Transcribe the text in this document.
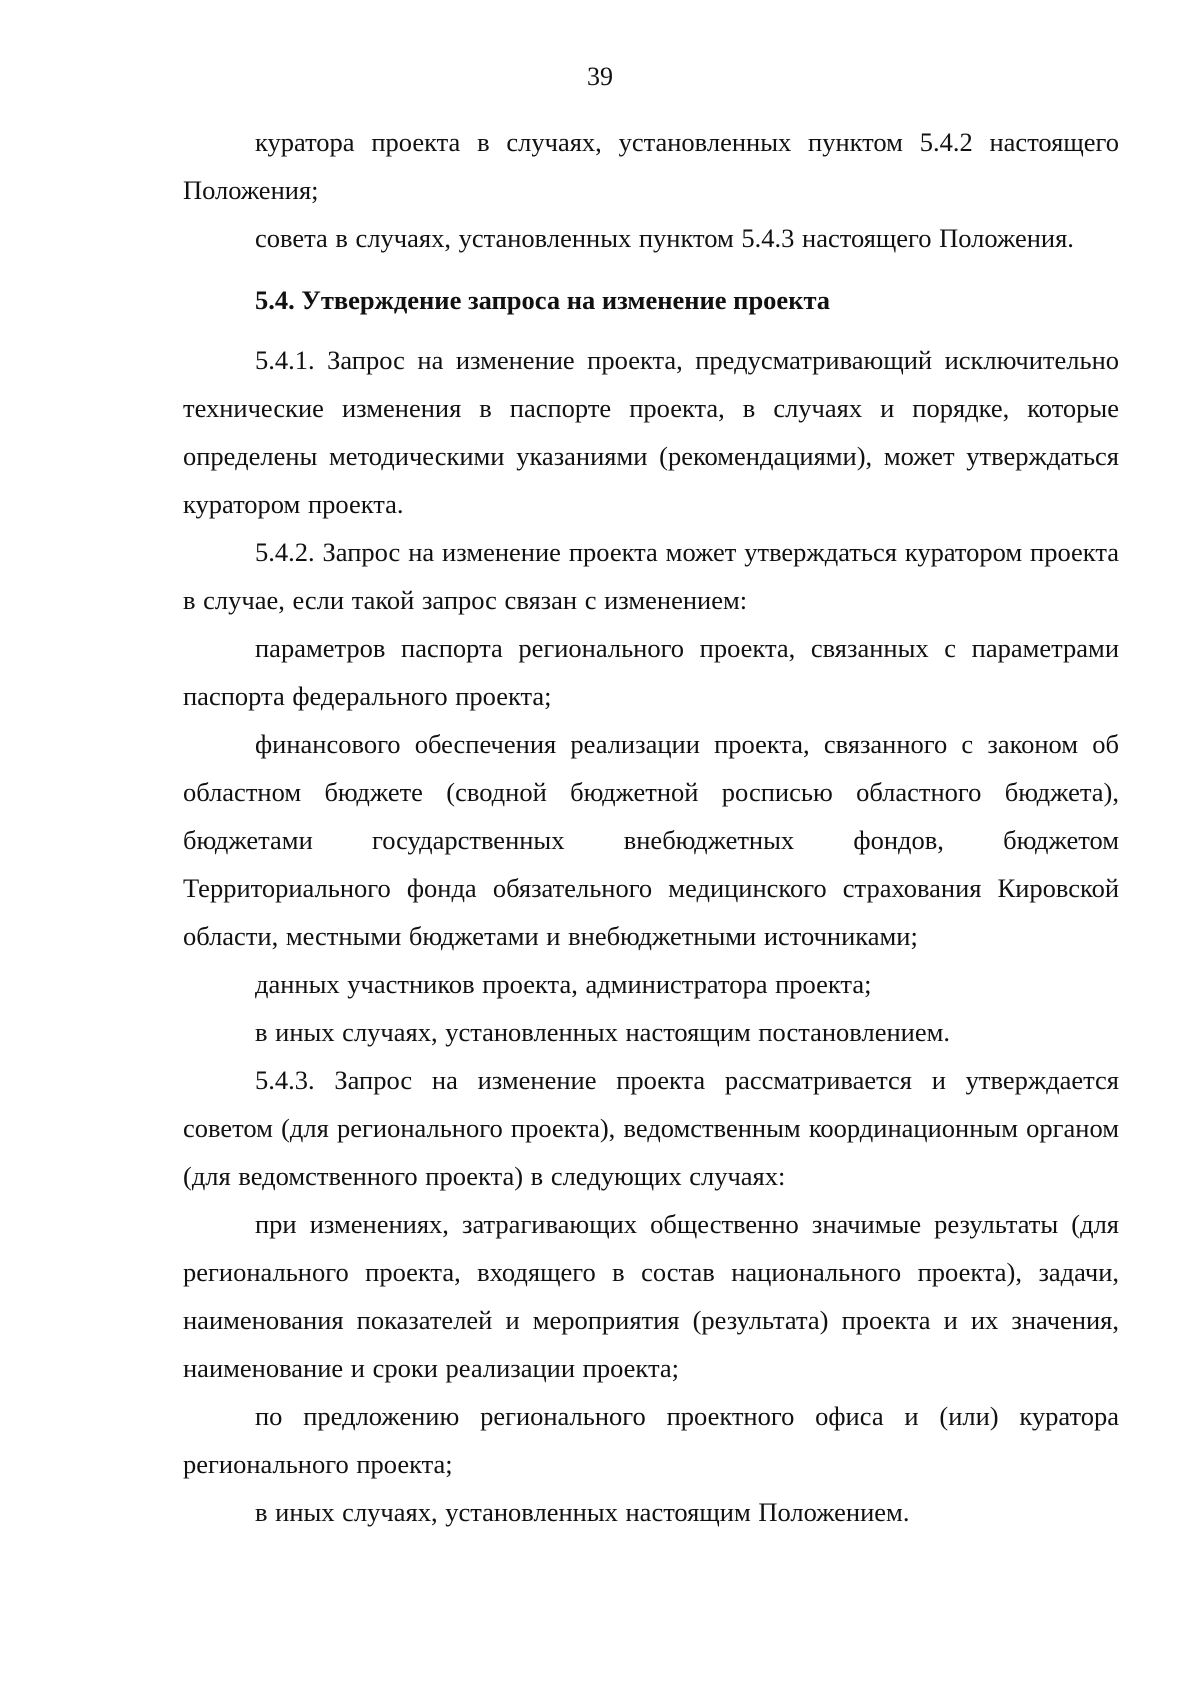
39

куратора проекта в случаях, установленных пунктом 5.4.2 настоящего Положения;

совета в случаях, установленных пунктом 5.4.3 настоящего Положения.

5.4. Утверждение запроса на изменение проекта

5.4.1. Запрос на изменение проекта, предусматривающий исключительно технические изменения в паспорте проекта, в случаях и порядке, которые определены методическими указаниями (рекомендациями), может утверждаться куратором проекта.

5.4.2. Запрос на изменение проекта может утверждаться куратором проекта в случае, если такой запрос связан с изменением:

параметров паспорта регионального проекта, связанных с параметрами паспорта федерального проекта;

финансового обеспечения реализации проекта, связанного с законом об областном бюджете (сводной бюджетной росписью областного бюджета), бюджетами государственных внебюджетных фондов, бюджетом Территориального фонда обязательного медицинского страхования Кировской области, местными бюджетами и внебюджетными источниками;

данных участников проекта, администратора проекта;

в иных случаях, установленных настоящим постановлением.

5.4.3. Запрос на изменение проекта рассматривается и утверждается советом (для регионального проекта), ведомственным координационным органом (для ведомственного проекта) в следующих случаях:

при изменениях, затрагивающих общественно значимые результаты (для регионального проекта, входящего в состав национального проекта), задачи, наименования показателей и мероприятия (результата) проекта и их значения, наименование и сроки реализации проекта;

по предложению регионального проектного офиса и (или) куратора регионального проекта;

в иных случаях, установленных настоящим Положением.
